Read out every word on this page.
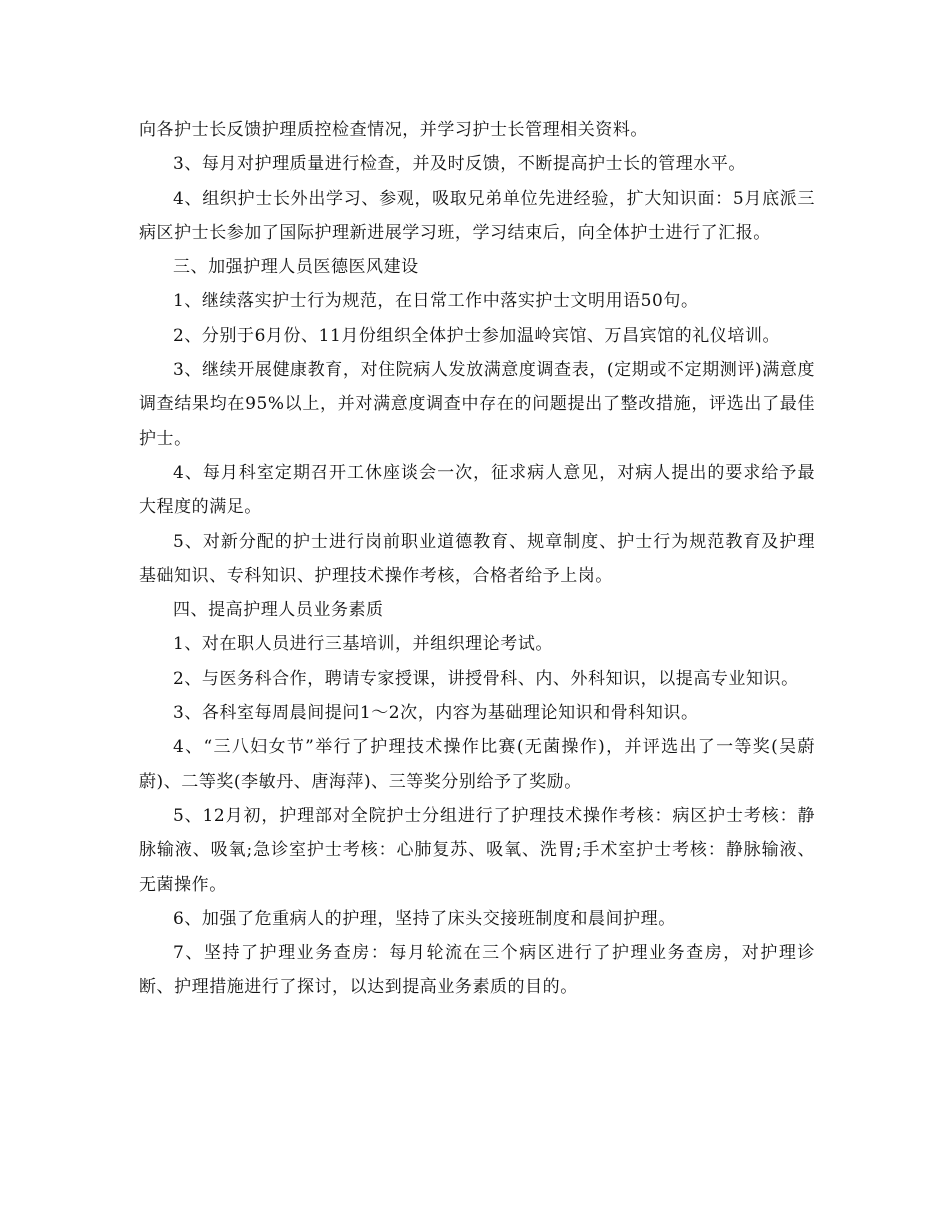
向各护士长反馈护理质控检查情况，并学习护士长管理相关资料。

3、每月对护理质量进行检查，并及时反馈，不断提高护士长的管理水平。

4、组织护士长外出学习、参观，吸取兄弟单位先进经验，扩大知识面：5月底派三病区护士长参加了国际护理新进展学习班，学习结束后，向全体护士进行了汇报。

三、加强护理人员医德医风建设

1、继续落实护士行为规范，在日常工作中落实护士文明用语50句。

2、分别于6月份、11月份组织全体护士参加温岭宾馆、万昌宾馆的礼仪培训。

3、继续开展健康教育，对住院病人发放满意度调查表，(定期或不定期测评)满意度调查结果均在95%以上，并对满意度调查中存在的问题提出了整改措施，评选出了最佳护士。

4、每月科室定期召开工休座谈会一次，征求病人意见，对病人提出的要求给予最大程度的满足。

5、对新分配的护士进行岗前职业道德教育、规章制度、护士行为规范教育及护理基础知识、专科知识、护理技术操作考核，合格者给予上岗。

四、提高护理人员业务素质

1、对在职人员进行三基培训，并组织理论考试。

2、与医务科合作，聘请专家授课，讲授骨科、内、外科知识，以提高专业知识。

3、各科室每周晨间提问1～2次，内容为基础理论知识和骨科知识。

4、“三八妇女节”举行了护理技术操作比赛(无菌操作)，并评选出了一等奖(吴蔚蔚)、二等奖(李敏丹、唐海萍)、三等奖分别给予了奖励。

5、12月初，护理部对全院护士分组进行了护理技术操作考核：病区护士考核：静脉输液、吸氧;急诊室护士考核：心肺复苏、吸氧、洗胃;手术室护士考核：静脉输液、无菌操作。

6、加强了危重病人的护理，坚持了床头交接班制度和晨间护理。

7、坚持了护理业务查房：每月轮流在三个病区进行了护理业务查房，对护理诊断、护理措施进行了探讨，以达到提高业务素质的目的。
